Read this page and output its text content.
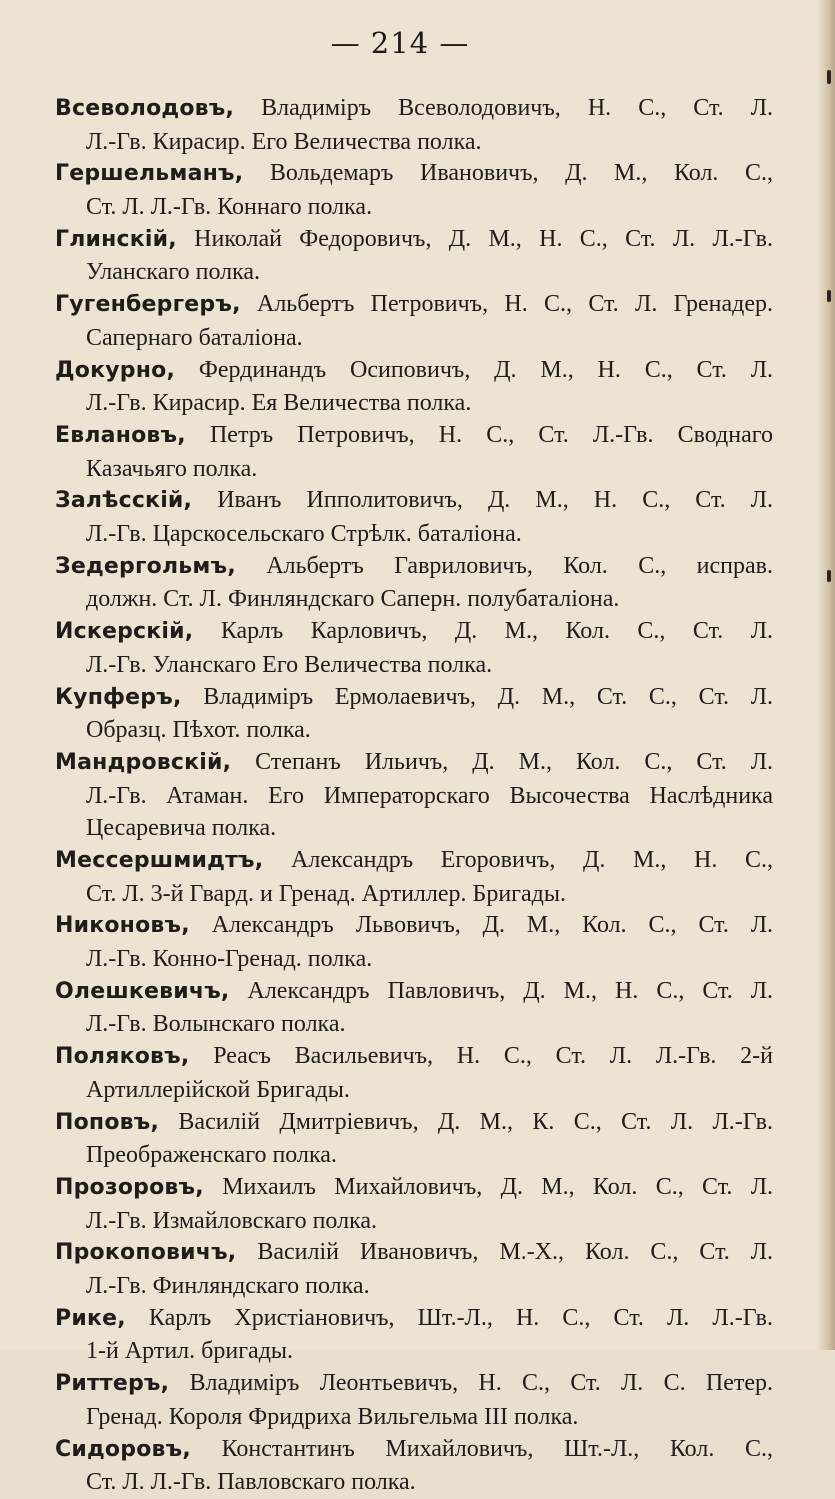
— 214 —
Всеволодовъ, Владиміръ Всеволодовичъ, Н. С., Ст. Л.
Л.-Гв. Кирасир. Его Величества полка.
Гершельманъ, Вольдемаръ Ивановичъ, Д. М., Кол. С.,
Ст. Л. Л.-Гв. Коннаго полка.
Глинскій, Николай Федоровичъ, Д. М., Н. С., Ст. Л. Л.-Гв.
Уланскаго полка.
Гугенбергеръ, Альбертъ Петровичъ, Н. С., Ст. Л. Гренадер.
Сапернаго баталіона.
Докурно, Фердинандъ Осиповичъ, Д. М., Н. С., Ст. Л.
Л.-Гв. Кирасир. Ея Величества полка.
Евлановъ, Петръ Петровичъ, Н. С., Ст. Л.-Гв. Своднаго
Казачьяго полка.
Залѣсскій, Иванъ Ипполитовичъ, Д. М., Н. С., Ст. Л.
Л.-Гв. Царскосельскаго Стрѣлк. баталіона.
Зедергольмъ, Альбертъ Гавриловичъ, Кол. С., исправ.
должн. Ст. Л. Финляндскаго Саперн. полубаталіона.
Искерскій, Карлъ Карловичъ, Д. М., Кол. С., Ст. Л.
Л.-Гв. Уланскаго Его Величества полка.
Купферъ, Владиміръ Ермолаевичъ, Д. М., Ст. С., Ст. Л.
Образц. Пѣхот. полка.
Мандровскій, Степанъ Ильичъ, Д. М., Кол. С., Ст. Л.
Л.-Гв. Атаман. Его Императорскаго Высочества Наслѣдника Цесаревича полка.
Мессершмидтъ, Александръ Егоровичъ, Д. М., Н. С.,
Ст. Л. 3-й Гвард. и Гренад. Артиллер. Бригады.
Никоновъ, Александръ Львовичъ, Д. М., Кол. С., Ст. Л.
Л.-Гв. Конно-Гренад. полка.
Олешкевичъ, Александръ Павловичъ, Д. М., Н. С., Ст. Л.
Л.-Гв. Волынскаго полка.
Поляковъ, Реасъ Васильевичъ, Н. С., Ст. Л. Л.-Гв. 2-й
Артиллерійской Бригады.
Поповъ, Василій Дмитріевичъ, Д. М., К. С., Ст. Л. Л.-Гв.
Преображенскаго полка.
Прозоровъ, Михаилъ Михайловичъ, Д. М., Кол. С., Ст. Л.
Л.-Гв. Измайловскаго полка.
Прокоповичъ, Василій Ивановичъ, М.-Х., Кол. С., Ст. Л.
Л.-Гв. Финляндскаго полка.
Рике, Карлъ Христіановичъ, Шт.-Л., Н. С., Ст. Л. Л.-Гв.
1-й Артил. бригады.
Риттеръ, Владиміръ Леонтьевичъ, Н. С., Ст. Л. С. Петер.
Гренад. Короля Фридриха Вильгельма III полка.
Сидоровъ, Константинъ Михайловичъ, Шт.-Л., Кол. С.,
Ст. Л. Л.-Гв. Павловскаго полка.
